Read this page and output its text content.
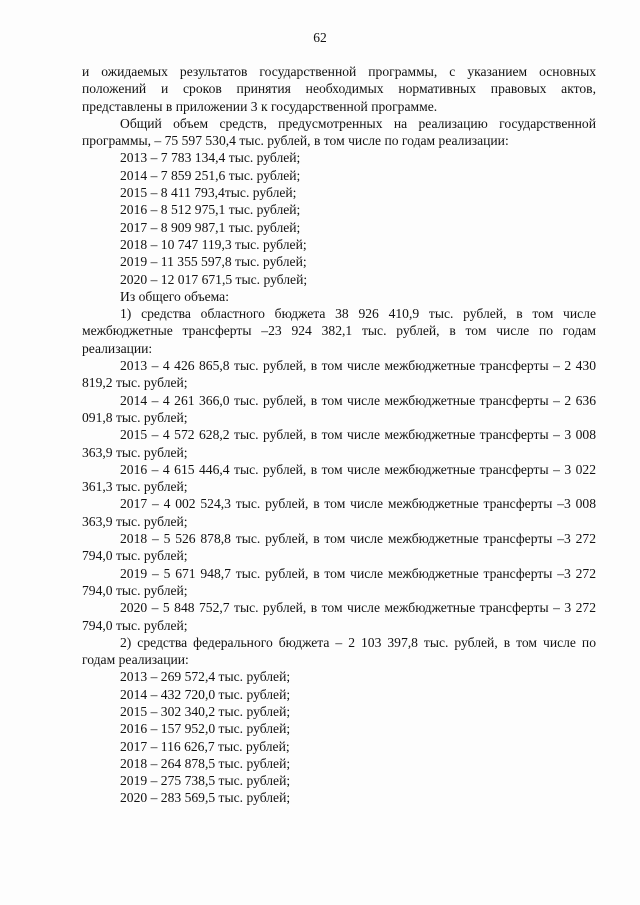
62

и ожидаемых результатов государственной программы, с указанием основных положений и сроков принятия необходимых нормативных правовых актов, представлены в приложении 3 к государственной программе.

Общий объем средств, предусмотренных на реализацию государственной программы, – 75 597 530,4 тыс. рублей, в том числе по годам реализации:

2013 – 7 783 134,4 тыс. рублей;
2014 – 7 859 251,6 тыс. рублей;
2015 – 8 411 793,4тыс. рублей;
2016 – 8 512 975,1 тыс. рублей;
2017 – 8 909 987,1 тыс. рублей;
2018 – 10 747 119,3 тыс. рублей;
2019 – 11 355 597,8 тыс. рублей;
2020 – 12 017 671,5 тыс. рублей;
Из общего объема:

1) средства областного бюджета 38 926 410,9 тыс. рублей, в том числе межбюджетные трансферты –23 924 382,1 тыс. рублей, в том числе по годам реализации:

2013 – 4 426 865,8 тыс. рублей, в том числе межбюджетные трансферты – 2 430 819,2 тыс. рублей;

2014 – 4 261 366,0 тыс. рублей, в том числе межбюджетные трансферты – 2 636 091,8 тыс. рублей;

2015 – 4 572 628,2 тыс. рублей, в том числе межбюджетные трансферты – 3 008 363,9 тыс. рублей;

2016 – 4 615 446,4 тыс. рублей, в том числе межбюджетные трансферты – 3 022 361,3 тыс. рублей;

2017 – 4 002 524,3 тыс. рублей, в том числе межбюджетные трансферты –3 008 363,9 тыс. рублей;

2018 – 5 526 878,8 тыс. рублей, в том числе межбюджетные трансферты –3 272 794,0 тыс. рублей;

2019 – 5 671 948,7 тыс. рублей, в том числе межбюджетные трансферты –3 272 794,0 тыс. рублей;

2020 – 5 848 752,7 тыс. рублей, в том числе межбюджетные трансферты – 3 272 794,0 тыс. рублей;

2) средства федерального бюджета – 2 103 397,8 тыс. рублей, в том числе по годам реализации:

2013 – 269 572,4 тыс. рублей;
2014 – 432 720,0 тыс. рублей;
2015 – 302 340,2 тыс. рублей;
2016 – 157 952,0 тыс. рублей;
2017 – 116 626,7 тыс. рублей;
2018 – 264 878,5 тыс. рублей;
2019 – 275 738,5 тыс. рублей;
2020 – 283 569,5 тыс. рублей;
